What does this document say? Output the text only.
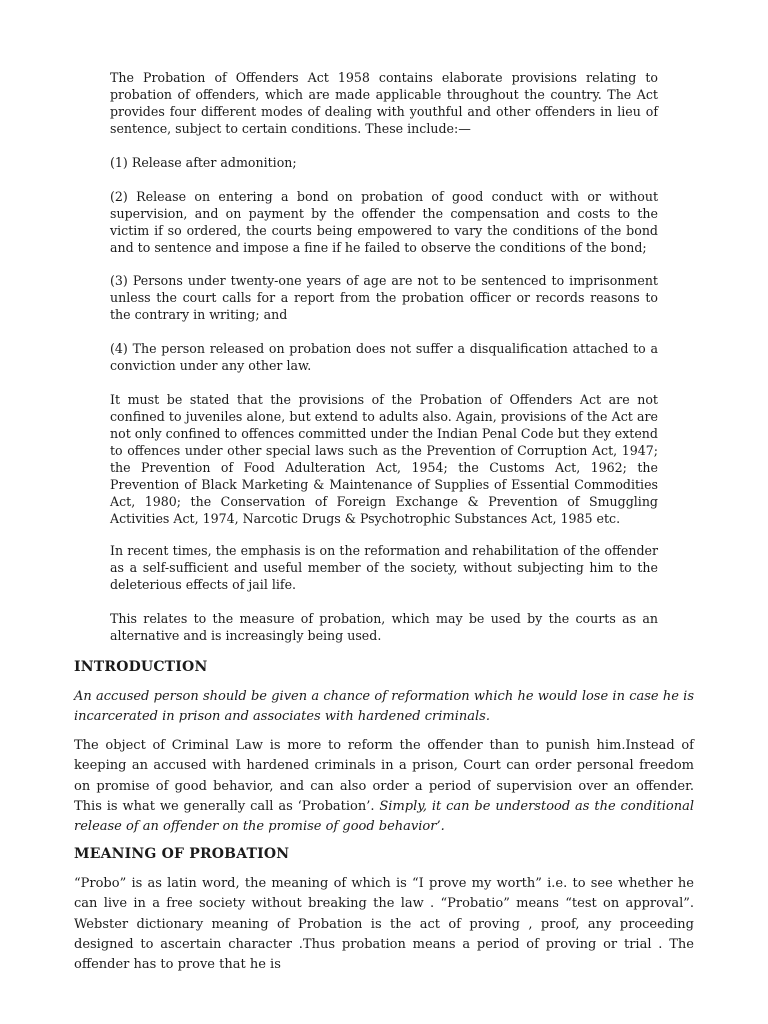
The Probation of Offenders Act 1958 contains elaborate provisions relating to probation of offenders, which are made applicable throughout the country. The Act provides four different modes of dealing with youthful and other offenders in lieu of sentence, subject to certain conditions. These include:—

(1) Release after admonition;

(2) Release on entering a bond on probation of good conduct with or without supervision, and on payment by the offender the compensation and costs to the victim if so ordered, the courts being empowered to vary the conditions of the bond and to sentence and impose a fine if he failed to observe the conditions of the bond;

(3) Persons under twenty-one years of age are not to be sentenced to imprisonment unless the court calls for a report from the probation officer or records reasons to the contrary in writing; and

(4) The person released on probation does not suffer a disqualification attached to a conviction under any other law.

It must be stated that the provisions of the Probation of Offenders Act are not confined to juveniles alone, but extend to adults also. Again, provisions of the Act are not only confined to offences committed under the Indian Penal Code but they extend to offences under other special laws such as the Prevention of Corruption Act, 1947; the Prevention of Food Adulteration Act, 1954; the Customs Act, 1962; the Prevention of Black Marketing & Maintenance of Supplies of Essential Commodities Act, 1980; the Conservation of Foreign Exchange & Prevention of Smuggling Activities Act, 1974, Narcotic Drugs & Psychotrophic Substances Act, 1985 etc.

In recent times, the emphasis is on the reformation and rehabilitation of the offender as a self-sufficient and useful member of the society, without subjecting him to the deleterious effects of jail life.

This relates to the measure of probation, which may be used by the courts as an alternative and is increasingly being used.

INTRODUCTION

An accused person should be given a chance of reformation which he would lose in case he is incarcerated in prison and associates with hardened criminals.

The object of Criminal Law is more to reform the offender than to punish him.Instead of keeping an accused with hardened criminals in a prison, Court can order personal freedom on promise of good behavior, and can also order a period of supervision over an offender. This is what we generally call as ‘Probation’. Simply, it can be understood as the conditional release of an offender on the promise of good behavior’.

MEANING OF PROBATION

“Probo” is as latin word, the meaning of which is “I prove my worth” i.e. to see whether he can live in a free society without breaking the law . “Probatio” means “test on approval”. Webster dictionary meaning of Probation is the act of proving , proof, any proceeding designed to ascertain character .Thus probation means a period of proving or trial . The offender has to prove that he is
